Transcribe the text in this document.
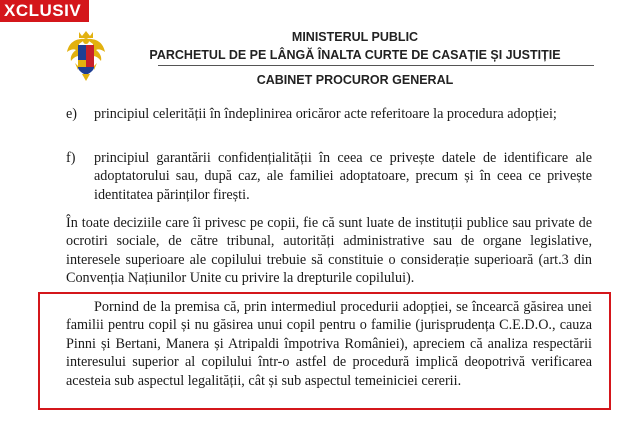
XCLUSIV
MINISTERUL PUBLIC
PARCHETUL DE PE LÂNGĂ ÎNALTA CURTE DE CASAȚIE ȘI JUSTIȚIE
CABINET PROCUROR GENERAL
e) principiul celerității în îndeplinirea oricăror acte referitoare la procedura adopției;
f) principiul garantării confidențialității în ceea ce privește datele de identificare ale adoptatorului sau, după caz, ale familiei adoptatoare, precum și în ceea ce privește identitatea părinților firești.
În toate deciziile care îi privesc pe copii, fie că sunt luate de instituții publice sau private de ocrotiri sociale, de către tribunal, autorități administrative sau de organe legislative, interesele superioare ale copilului trebuie să constituie o considerație superioară (art.3 din Convenția Națiunilor Unite cu privire la drepturile copilului).
Pornind de la premisa că, prin intermediul procedurii adopției, se încearcă găsirea unei familii pentru copil și nu găsirea unui copil pentru o familie (jurisprudența C.E.D.O., cauza Pinni și Bertani, Manera și Atripaldi împotriva României), apreciem că analiza respectării interesului superior al copilului într-o astfel de procedură implică deopotrivă verificarea acesteia sub aspectul legalității, cât și sub aspectul temeiniciei cererii.
